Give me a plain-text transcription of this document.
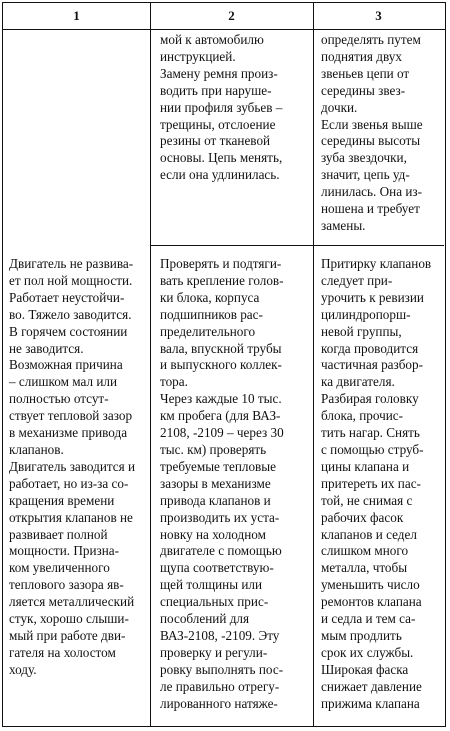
1	2	3
мой к автомобилю
инструкцией.
Замену ремня произ-
водить при наруше-
нии профиля зубьев –
трещины, отслоение
резины от тканевой
основы. Цепь менять,
если она удлинилась.
определять путем
поднятия двух
звеньев цепи от
середины звез-
дочки.
Если звенья выше
середины высоты
зуба звездочки,
значит, цепь уд-
линилась. Она из-
ношена и требует
замены.
Двигатель не развива-
ет пол ной мощности.
Работает неустойчи-
во. Тяжело заводится.
В горячем состоянии
не заводится.
Возможная причина
– слишком мал или
полностью отсут-
ствует тепловой зазор
в механизме привода
клапанов.
Двигатель заводится и
работает, но из-за со-
кращения времени
открытия клапанов не
развивает полной
мощности. Призна-
ком увеличенного
теплового зазора яв-
ляется металлический
стук, хорошо слыши-
мый при работе дви-
гателя на холостом
ходу.
Проверять и подтяги-
вать крепление голов-
ки блока, корпуса
подшипников рас-
пределительного
вала, впускной трубы
и выпускного коллек-
тора.
Через каждые 10 тыс.
км пробега (для ВАЗ-
2108, -2109 – через 30
тыс. км) проверять
требуемые тепловые
зазоры в механизме
привода клапанов и
производить их уста-
новку на холодном
двигателе с помощью
щупа соответствую-
щей толщины или
специальных прис-
пособлений для
ВАЗ-2108, -2109. Эту
проверку и регули-
ровку выполнять пос-
ле правильно отрегу-
лированного натяже-
Притирку клапанов
следует при-
урочить к ревизии
цилиндропорш-
невой группы,
когда проводится
частичная разбор-
ка двигателя.
Разбирая головку
блока, прочис-
тить нагар. Снять
с помощью струб-
цины клапана и
притереть их пас-
той, не снимая с
рабочих фасок
клапанов и седел
слишком много
металла, чтобы
уменьшить число
ремонтов клапана
и седла и тем са-
мым продлить
срок их службы.
Широкая фаска
снижает давление
прижима клапана
